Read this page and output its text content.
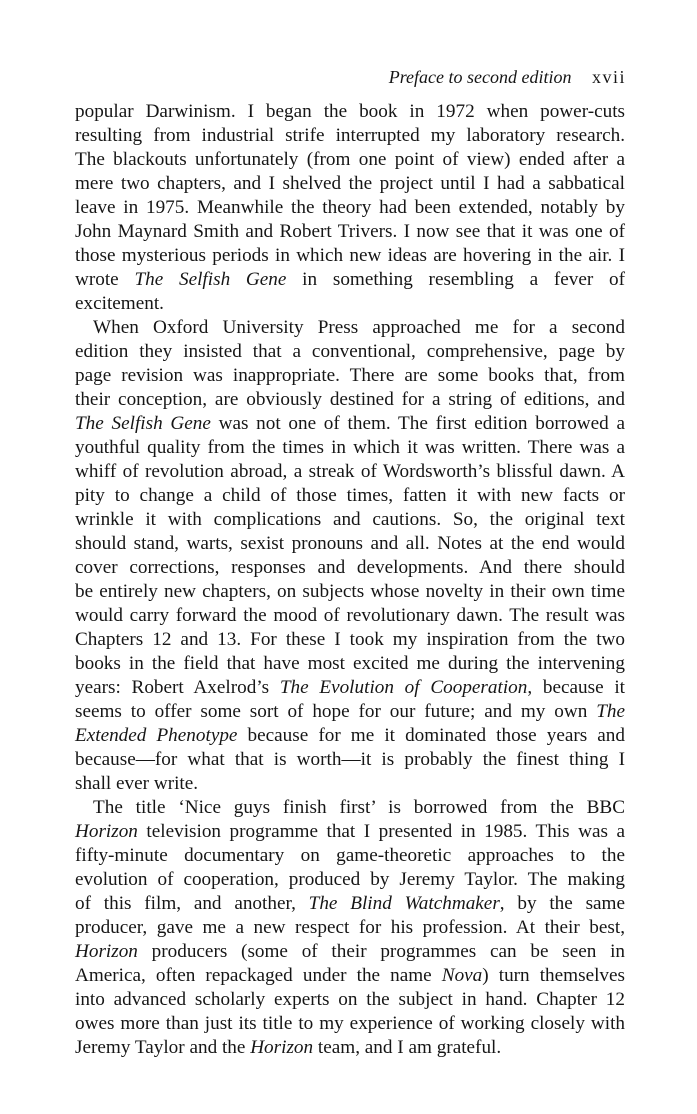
Preface to second edition xvii
popular Darwinism. I began the book in 1972 when power-cuts
resulting from industrial strife interrupted my laboratory research.
The blackouts unfortunately (from one point of view) ended after a
mere two chapters, and I shelved the project until I had a sabbatical
leave in 1975. Meanwhile the theory had been extended, notably by
John Maynard Smith and Robert Trivers. I now see that it was one of
those mysterious periods in which new ideas are hovering in the air. I
wrote The Selfish Gene in something resembling a fever of
excitement.
When Oxford University Press approached me for a second
edition they insisted that a conventional, comprehensive, page by
page revision was inappropriate. There are some books that, from
their conception, are obviously destined for a string of editions, and
The Selfish Gene was not one of them. The first edition borrowed a
youthful quality from the times in which it was written. There was a
whiff of revolution abroad, a streak of Wordsworth’s blissful dawn. A
pity to change a child of those times, fatten it with new facts or
wrinkle it with complications and cautions. So, the original text
should stand, warts, sexist pronouns and all. Notes at the end would
cover corrections, responses and developments. And there should
be entirely new chapters, on subjects whose novelty in their own time
would carry forward the mood of revolutionary dawn. The result was
Chapters 12 and 13. For these I took my inspiration from the two
books in the field that have most excited me during the intervening
years: Robert Axelrod’s The Evolution of Cooperation, because it
seems to offer some sort of hope for our future; and my own The
Extended Phenotype because for me it dominated those years and
because—for what that is worth—it is probably the finest thing I
shall ever write.
The title ‘Nice guys finish first’ is borrowed from the BBC
Horizon television programme that I presented in 1985. This was a
fifty-minute documentary on game-theoretic approaches to the
evolution of cooperation, produced by Jeremy Taylor. The making
of this film, and another, The Blind Watchmaker, by the same
producer, gave me a new respect for his profession. At their best,
Horizon producers (some of their programmes can be seen in
America, often repackaged under the name Nova) turn themselves
into advanced scholarly experts on the subject in hand. Chapter 12
owes more than just its title to my experience of working closely with
Jeremy Taylor and the Horizon team, and I am grateful.
